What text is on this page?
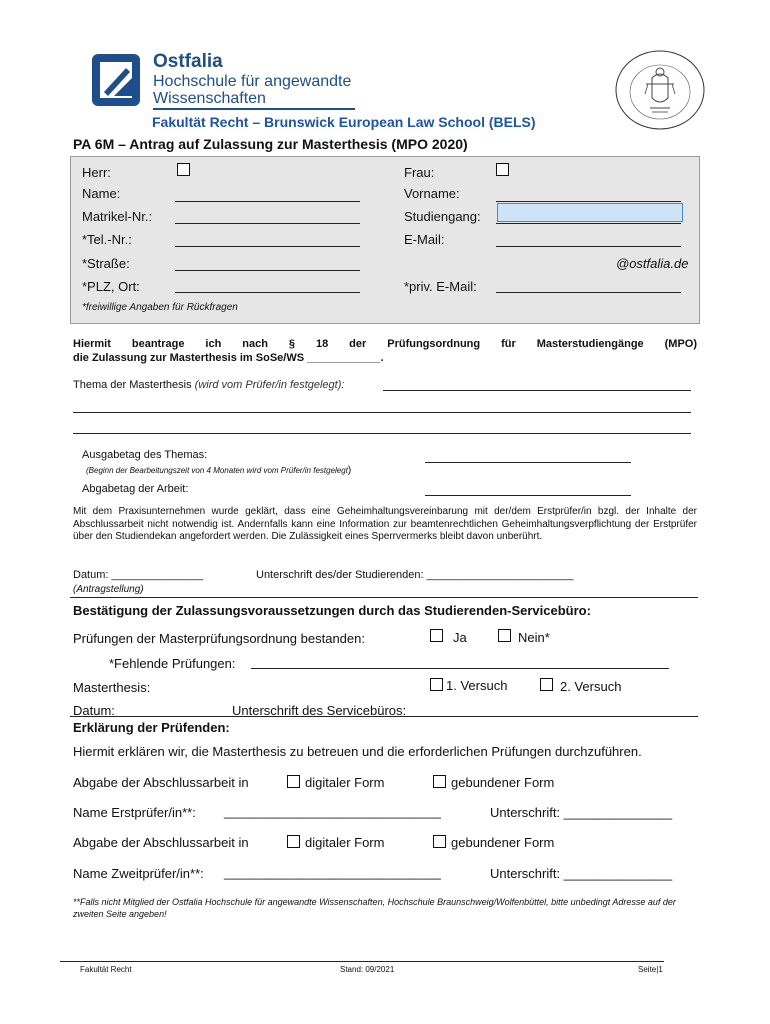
Ostfalia
Hochschule für angewandte
Wissenschaften
Fakultät Recht – Brunswick European Law School (BELS)
PA 6M – Antrag auf Zulassung zur Masterthesis (MPO 2020)
Herr:	Frau:
Name:	Vorname:
Matrikel-Nr.:	Studiengang:
*Tel.-Nr.:	E-Mail:
*Straße:	@ostfalia.de
*PLZ, Ort:	*priv. E-Mail:
*freiwillige Angaben für Rückfragen
Hiermit beantrage ich nach § 18 der Prüfungsordnung für Masterstudiengänge (MPO)
die Zulassung zur Masterthesis im SoSe/WS ____________.
Thema der Masterthesis (wird vom Prüfer/in festgelegt):
Ausgabetag des Themas:
(Beginn der Bearbeitungszeit von 4 Monaten wird vom Prüfer/in festgelegt)
Abgabetag der Arbeit:
Mit dem Praxisunternehmen wurde geklärt, dass eine Geheimhaltungsvereinbarung mit der/dem Erstprüfer/in bzgl. der Inhalte der Abschlussarbeit nicht notwendig ist. Andernfalls kann eine Information zur beamtenrechtlichen Geheimhaltungsverpflichtung der Erstprüfer über den Studiendekan angefordert werden. Die Zulässigkeit eines Sperrvermerks bleibt davon unberührt.
Datum: _______________
(Antragstellung)
Unterschrift des/der Studierenden: ________________________
Bestätigung der Zulassungsvoraussetzungen durch das Studierenden-Servicebüro:
Prüfungen der Masterprüfungsordnung bestanden:	Ja	Nein*
*Fehlende Prüfungen:
Masterthesis:	1. Versuch	2. Versuch
Datum:	Unterschrift des Servicebüros:
Erklärung der Prüfenden:
Hiermit erklären wir, die Masterthesis zu betreuen und die erforderlichen Prüfungen durchzuführen.
Abgabe der Abschlussarbeit in	digitaler Form	gebundener Form
Name Erstprüfer/in**: ______________________________	Unterschrift: _______________
Abgabe der Abschlussarbeit in	digitaler Form	gebundener Form
Name Zweitprüfer/in**: ______________________________	Unterschrift: _______________
**Falls nicht Mitglied der Ostfalia Hochschule für angewandte Wissenschaften, Hochschule Braunschweig/Wolfenbüttel, bitte unbedingt Adresse auf der zweiten Seite angeben!
Fakultät Recht	Stand: 09/2021	Seite|1
